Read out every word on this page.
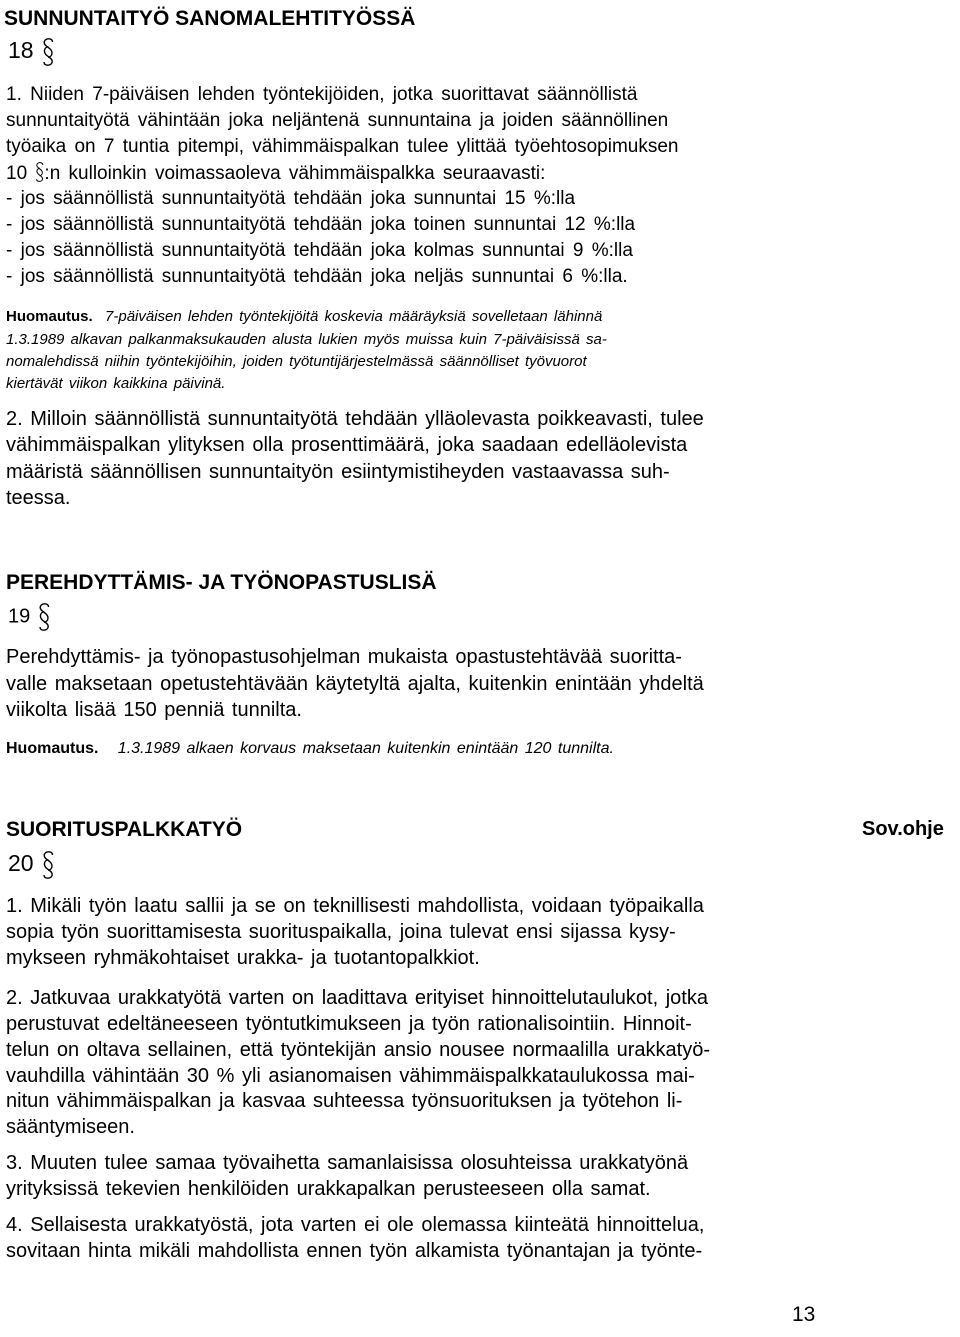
SUNNUNTAITYÖ SANOMALEHTITYÖSSÄ
18
1. Niiden 7-päiväisen lehden työntekijöiden, jotka suorittavat säännöllistä
sunnuntaityötä vähintään joka neljäntenä sunnuntaina ja joiden säännöllinen
työaika on 7 tuntia pitempi, vähimmäispalkan tulee ylittää työehtosopimuksen
10 :n kulloinkin voimassaoleva vähimmäispalkka seuraavasti:
- jos säännöllistä sunnuntaityötä tehdään joka sunnuntai 15 %:lla
- jos säännöllistä sunnuntaityötä tehdään joka toinen sunnuntai 12 %:lla
- jos säännöllistä sunnuntaityötä tehdään joka kolmas sunnuntai 9 %:lla
- jos säännöllistä sunnuntaityötä tehdään joka neljäs sunnuntai 6 %:lla.
Huomautus. 7-päiväisen lehden työntekijöitä koskevia määräyksiä sovelletaan lähinnä
1.3.1989 alkavan palkanmaksukauden alusta lukien myös muissa kuin 7-päiväisissä sa-
nomalehdissä niihin työntekijöihin, joiden työtuntijärjestelmässä säännölliset työvuorot
kiertävät viikon kaikkina päivinä.
2. Milloin säännöllistä sunnuntaityötä tehdään ylläolevasta poikkeavasti, tulee
vähimmäispalkan ylityksen olla prosenttimäärä, joka saadaan edelläolevista
määristä säännöllisen sunnuntaityön esiintymistiheyden vastaavassa suh-
teessa.
PEREHDYTTÄMIS- JA TYÖNOPASTUSLISÄ
19
Perehdyttämis- ja työnopastusohjelman mukaista opastustehtävää suoritta-
valle maksetaan opetustehtävään käytetyltä ajalta, kuitenkin enintään yhdeltä
viikolta lisää 150 penniä tunnilta.
Huomautus. 1.3.1989 alkaen korvaus maksetaan kuitenkin enintään 120 tunnilta.
SUORITUSPALKKATYÖ	Sov.ohje
20
1. Mikäli työn laatu sallii ja se on teknillisesti mahdollista, voidaan työpaikalla
sopia työn suorittamisesta suorituspaikalla, joina tulevat ensi sijassa kysy-
mykseen ryhmäkohtaiset urakka- ja tuotantopalkkiot.
2. Jatkuvaa urakkatyötä varten on laadittava erityiset hinnoittelutaulukot, jotka
perustuvat edeltäneeseen työntutkimukseen ja työn rationalisointiin. Hinnoit-
telun on oltava sellainen, että työntekijän ansio nousee normaalilla urakkatyö-
vauhdilla vähintään 30 % yli asianomaisen vähimmäispalkkataulukossa mai-
nitun vähimmäispalkan ja kasvaa suhteessa työnsuorituksen ja työtehon li-
sääntymiseen.
3. Muuten tulee samaa työvaihetta samanlaisissa olosuhteissa urakkatyönä
yrityksissä tekevien henkilöiden urakkapalkan perusteeseen olla samat.
4. Sellaisesta urakkatyöstä, jota varten ei ole olemassa kiinteätä hinnoittelua,
sovitaan hinta mikäli mahdollista ennen työn alkamista työnantajan ja työnte-
13
